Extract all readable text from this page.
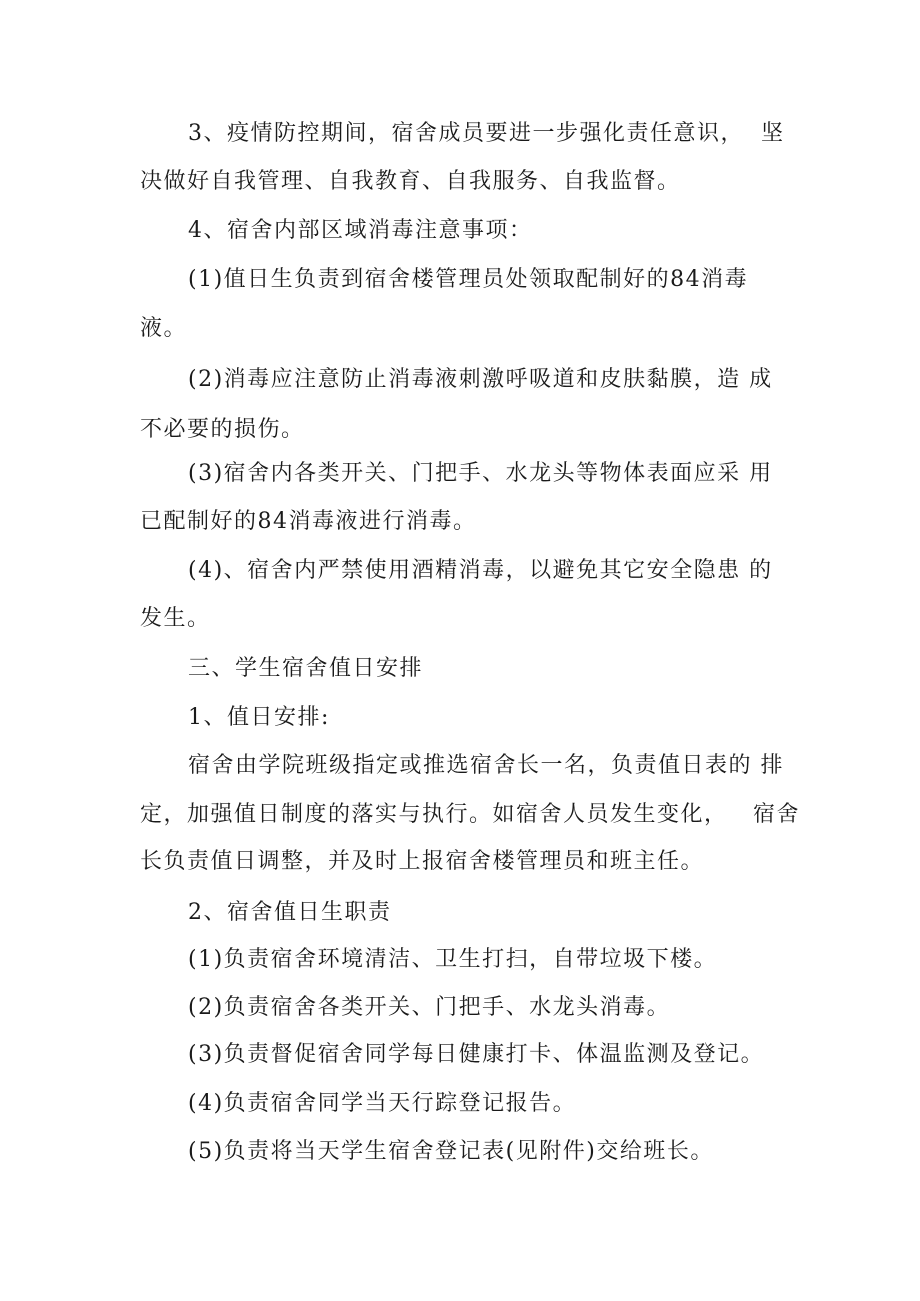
3、疫情防控期间，宿舍成员要进一步强化责任意识，  坚

决做好自我管理、自我教育、自我服务、自我监督。

4、宿舍内部区域消毒注意事项：

(1)值日生负责到宿舍楼管理员处领取配制好的84消毒

液。

(2)消毒应注意防止消毒液刺激呼吸道和皮肤黏膜，造 成

不必要的损伤。

(3)宿舍内各类开关、门把手、水龙头等物体表面应采 用

已配制好的84消毒液进行消毒。

(4)、宿舍内严禁使用酒精消毒，以避免其它安全隐患 的

发生。

三、学生宿舍值日安排

1、值日安排:

宿舍由学院班级指定或推选宿舍长一名，负责值日表的 排

定，加强值日制度的落实与执行。如宿舍人员发生变化，   宿舍

长负责值日调整，并及时上报宿舍楼管理员和班主任。

2、宿舍值日生职责

(1)负责宿舍环境清洁、卫生打扫，自带垃圾下楼。

(2)负责宿舍各类开关、门把手、水龙头消毒。

(3)负责督促宿舍同学每日健康打卡、体温监测及登记。

(4)负责宿舍同学当天行踪登记报告。

(5)负责将当天学生宿舍登记表(见附件)交给班长。
